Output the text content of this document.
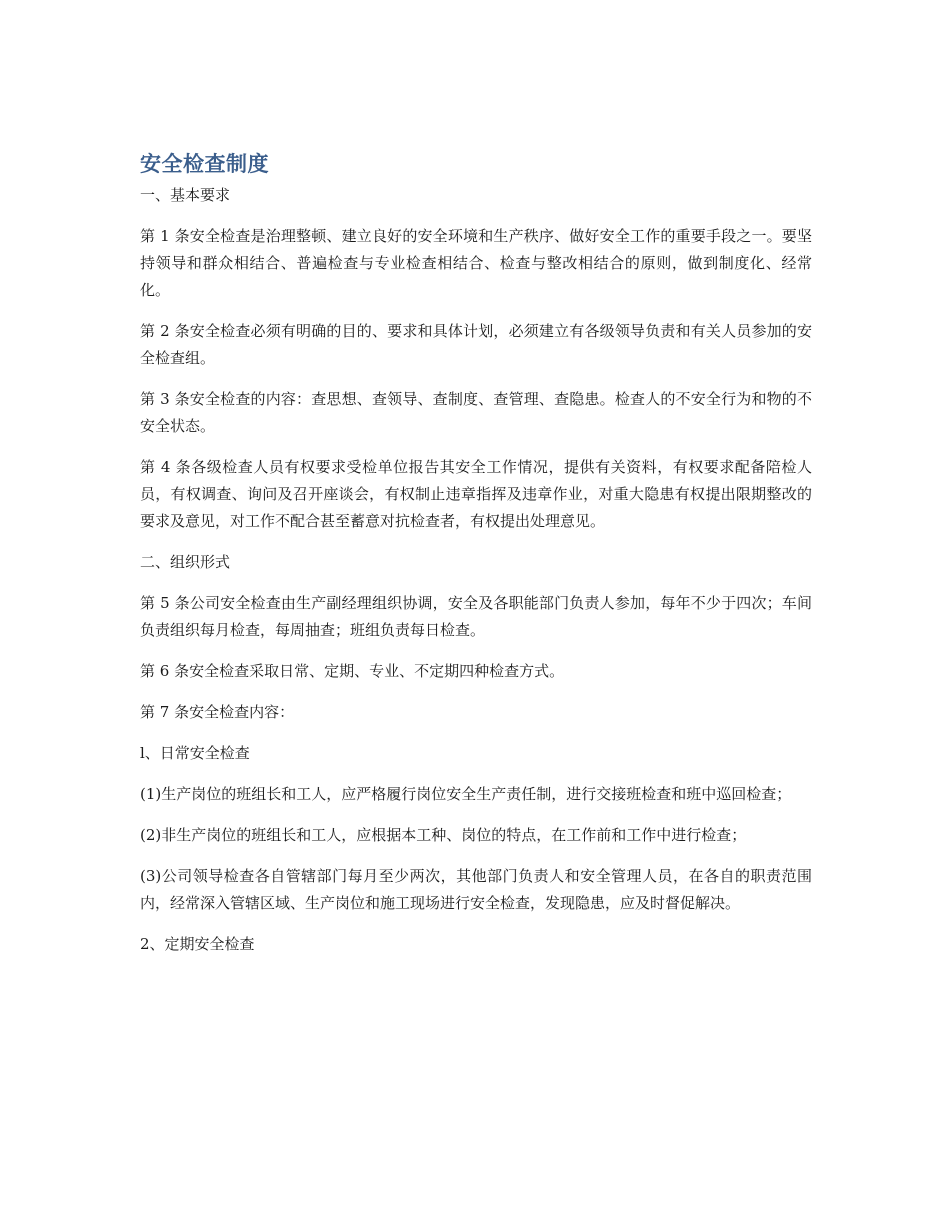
安全检查制度

一、基本要求

第 1 条安全检查是治理整顿、建立良好的安全环境和生产秩序、做好安全工作的重要手段之一。要坚持领导和群众相结合、普遍检查与专业检查相结合、检查与整改相结合的原则，做到制度化、经常化。

第 2 条安全检查必须有明确的目的、要求和具体计划，必须建立有各级领导负责和有关人员参加的安全检查组。

第 3 条安全检查的内容：查思想、查领导、查制度、查管理、查隐患。检查人的不安全行为和物的不安全状态。

第 4 条各级检查人员有权要求受检单位报告其安全工作情况，提供有关资料，有权要求配备陪检人员，有权调查、询问及召开座谈会，有权制止违章指挥及违章作业，对重大隐患有权提出限期整改的要求及意见，对工作不配合甚至蓄意对抗检查者，有权提出处理意见。

二、组织形式

第 5 条公司安全检查由生产副经理组织协调，安全及各职能部门负责人参加，每年不少于四次；车间负责组织每月检查，每周抽查；班组负责每日检查。

第 6 条安全检查采取日常、定期、专业、不定期四种检查方式。

第 7 条安全检查内容：

l、日常安全检查

(1)生产岗位的班组长和工人，应严格履行岗位安全生产责任制，进行交接班检查和班中巡回检查；

(2)非生产岗位的班组长和工人，应根据本工种、岗位的特点，在工作前和工作中进行检查；

(3)公司领导检查各自管辖部门每月至少两次，其他部门负责人和安全管理人员，在各自的职责范围内，经常深入管辖区域、生产岗位和施工现场进行安全检查，发现隐患，应及时督促解决。

2、定期安全检查
